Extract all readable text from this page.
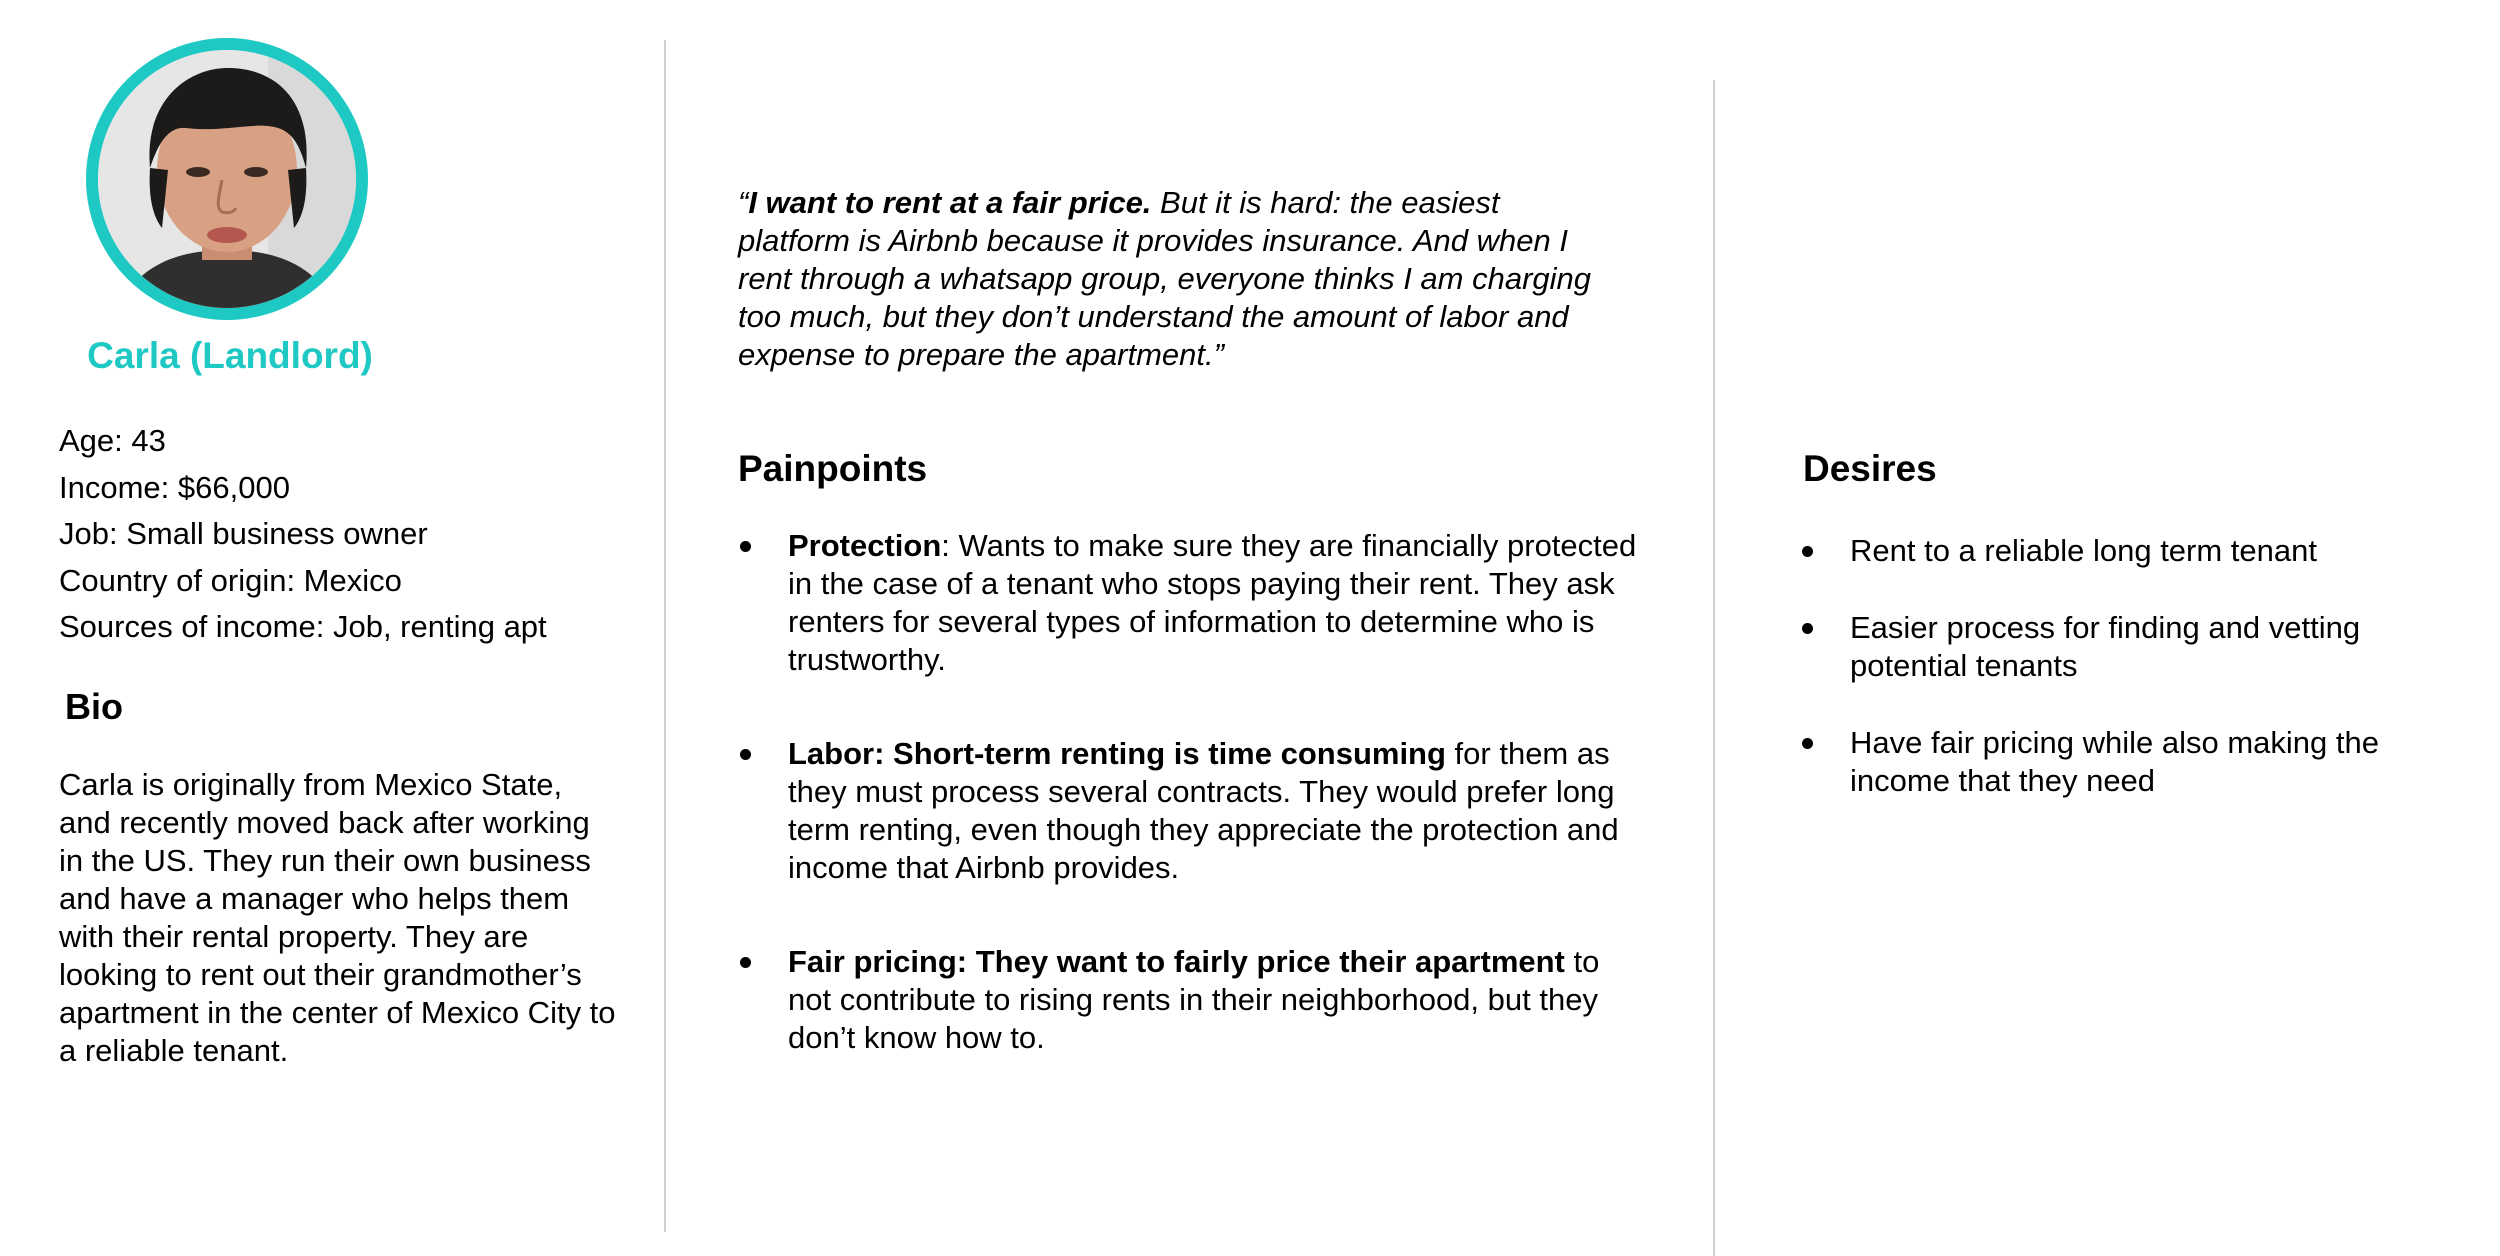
Carla (Landlord)
Age: 43
Income: $66,000
Job: Small business owner
Country of origin: Mexico
Sources of income: Job, renting apt
Bio

Carla is originally from Mexico State, and recently moved back after working in the US. They run their own business and have a manager who helps them with their rental property. They are looking to rent out their grandmother’s apartment in the center of Mexico City to a reliable tenant.

“I want to rent at a fair price. But it is hard: the easiest platform is Airbnb because it provides insurance. And when I rent through a whatsapp group, everyone thinks I am charging too much, but they don’t understand the amount of labor and expense to prepare the apartment.”

Painpoints
Protection: Wants to make sure they are financially protected in the case of a tenant who stops paying their rent. They ask renters for several types of information to determine who is trustworthy.
Labor: Short-term renting is time consuming for them as they must process several contracts. They would prefer long term renting, even though they appreciate the protection and income that Airbnb provides.
Fair pricing: They want to fairly price their apartment to not contribute to rising rents in their neighborhood, but they don’t know how to.
Desires
Rent to a reliable long term tenant
Easier process for finding and vetting potential tenants
Have fair pricing while also making the income that they need
